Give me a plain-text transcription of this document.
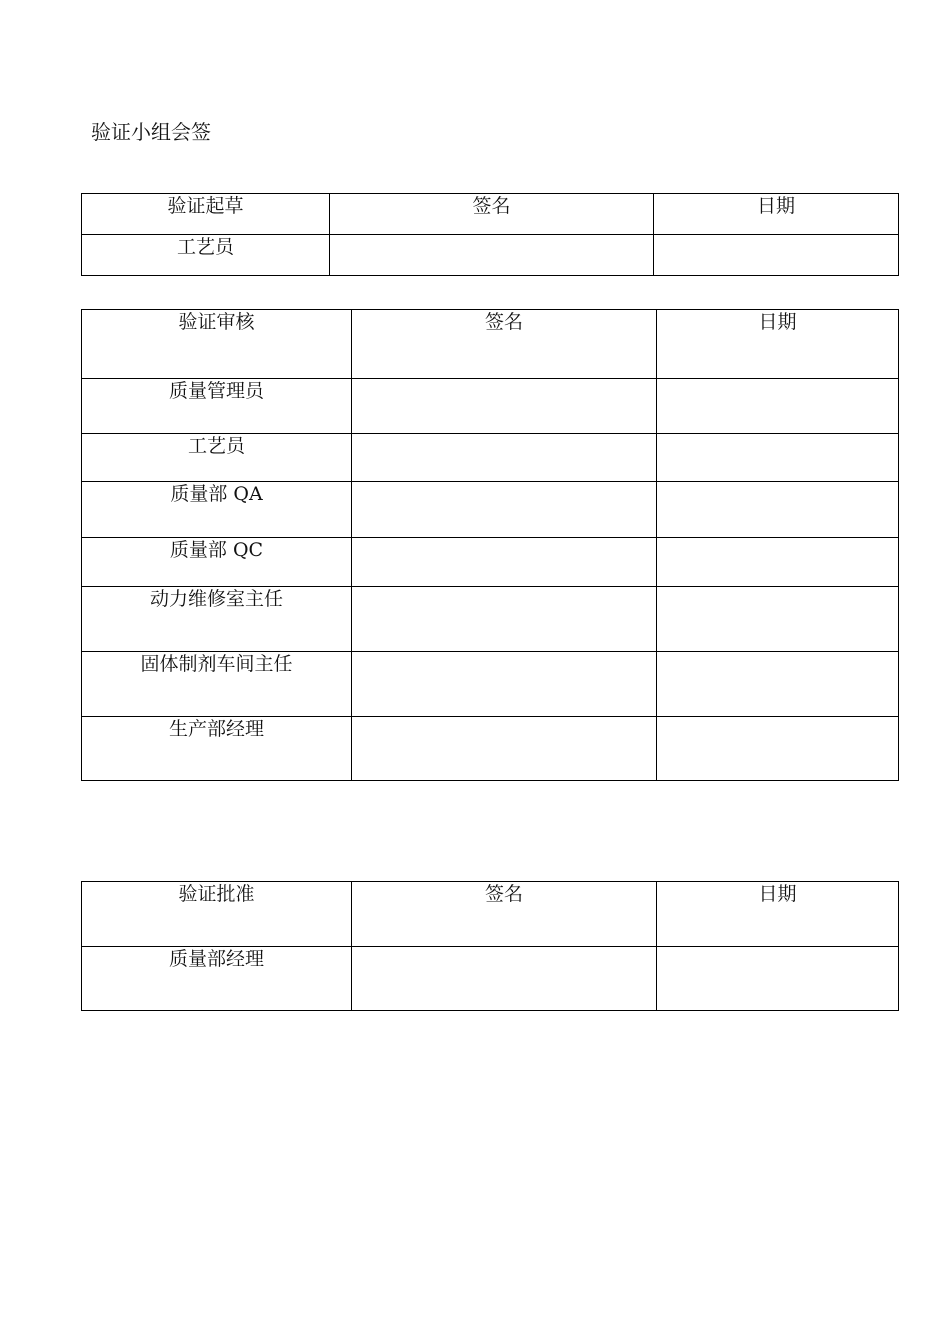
验证小组会签
验证起草	签名	日期

工艺员		

验证审核	签名	日期

质量管理员		

工艺员		

质量部 QA		

质量部 QC		

动力维修室主任		

固体制剂车间主任		

生产部经理		

验证批准	签名	日期

质量部经理		
